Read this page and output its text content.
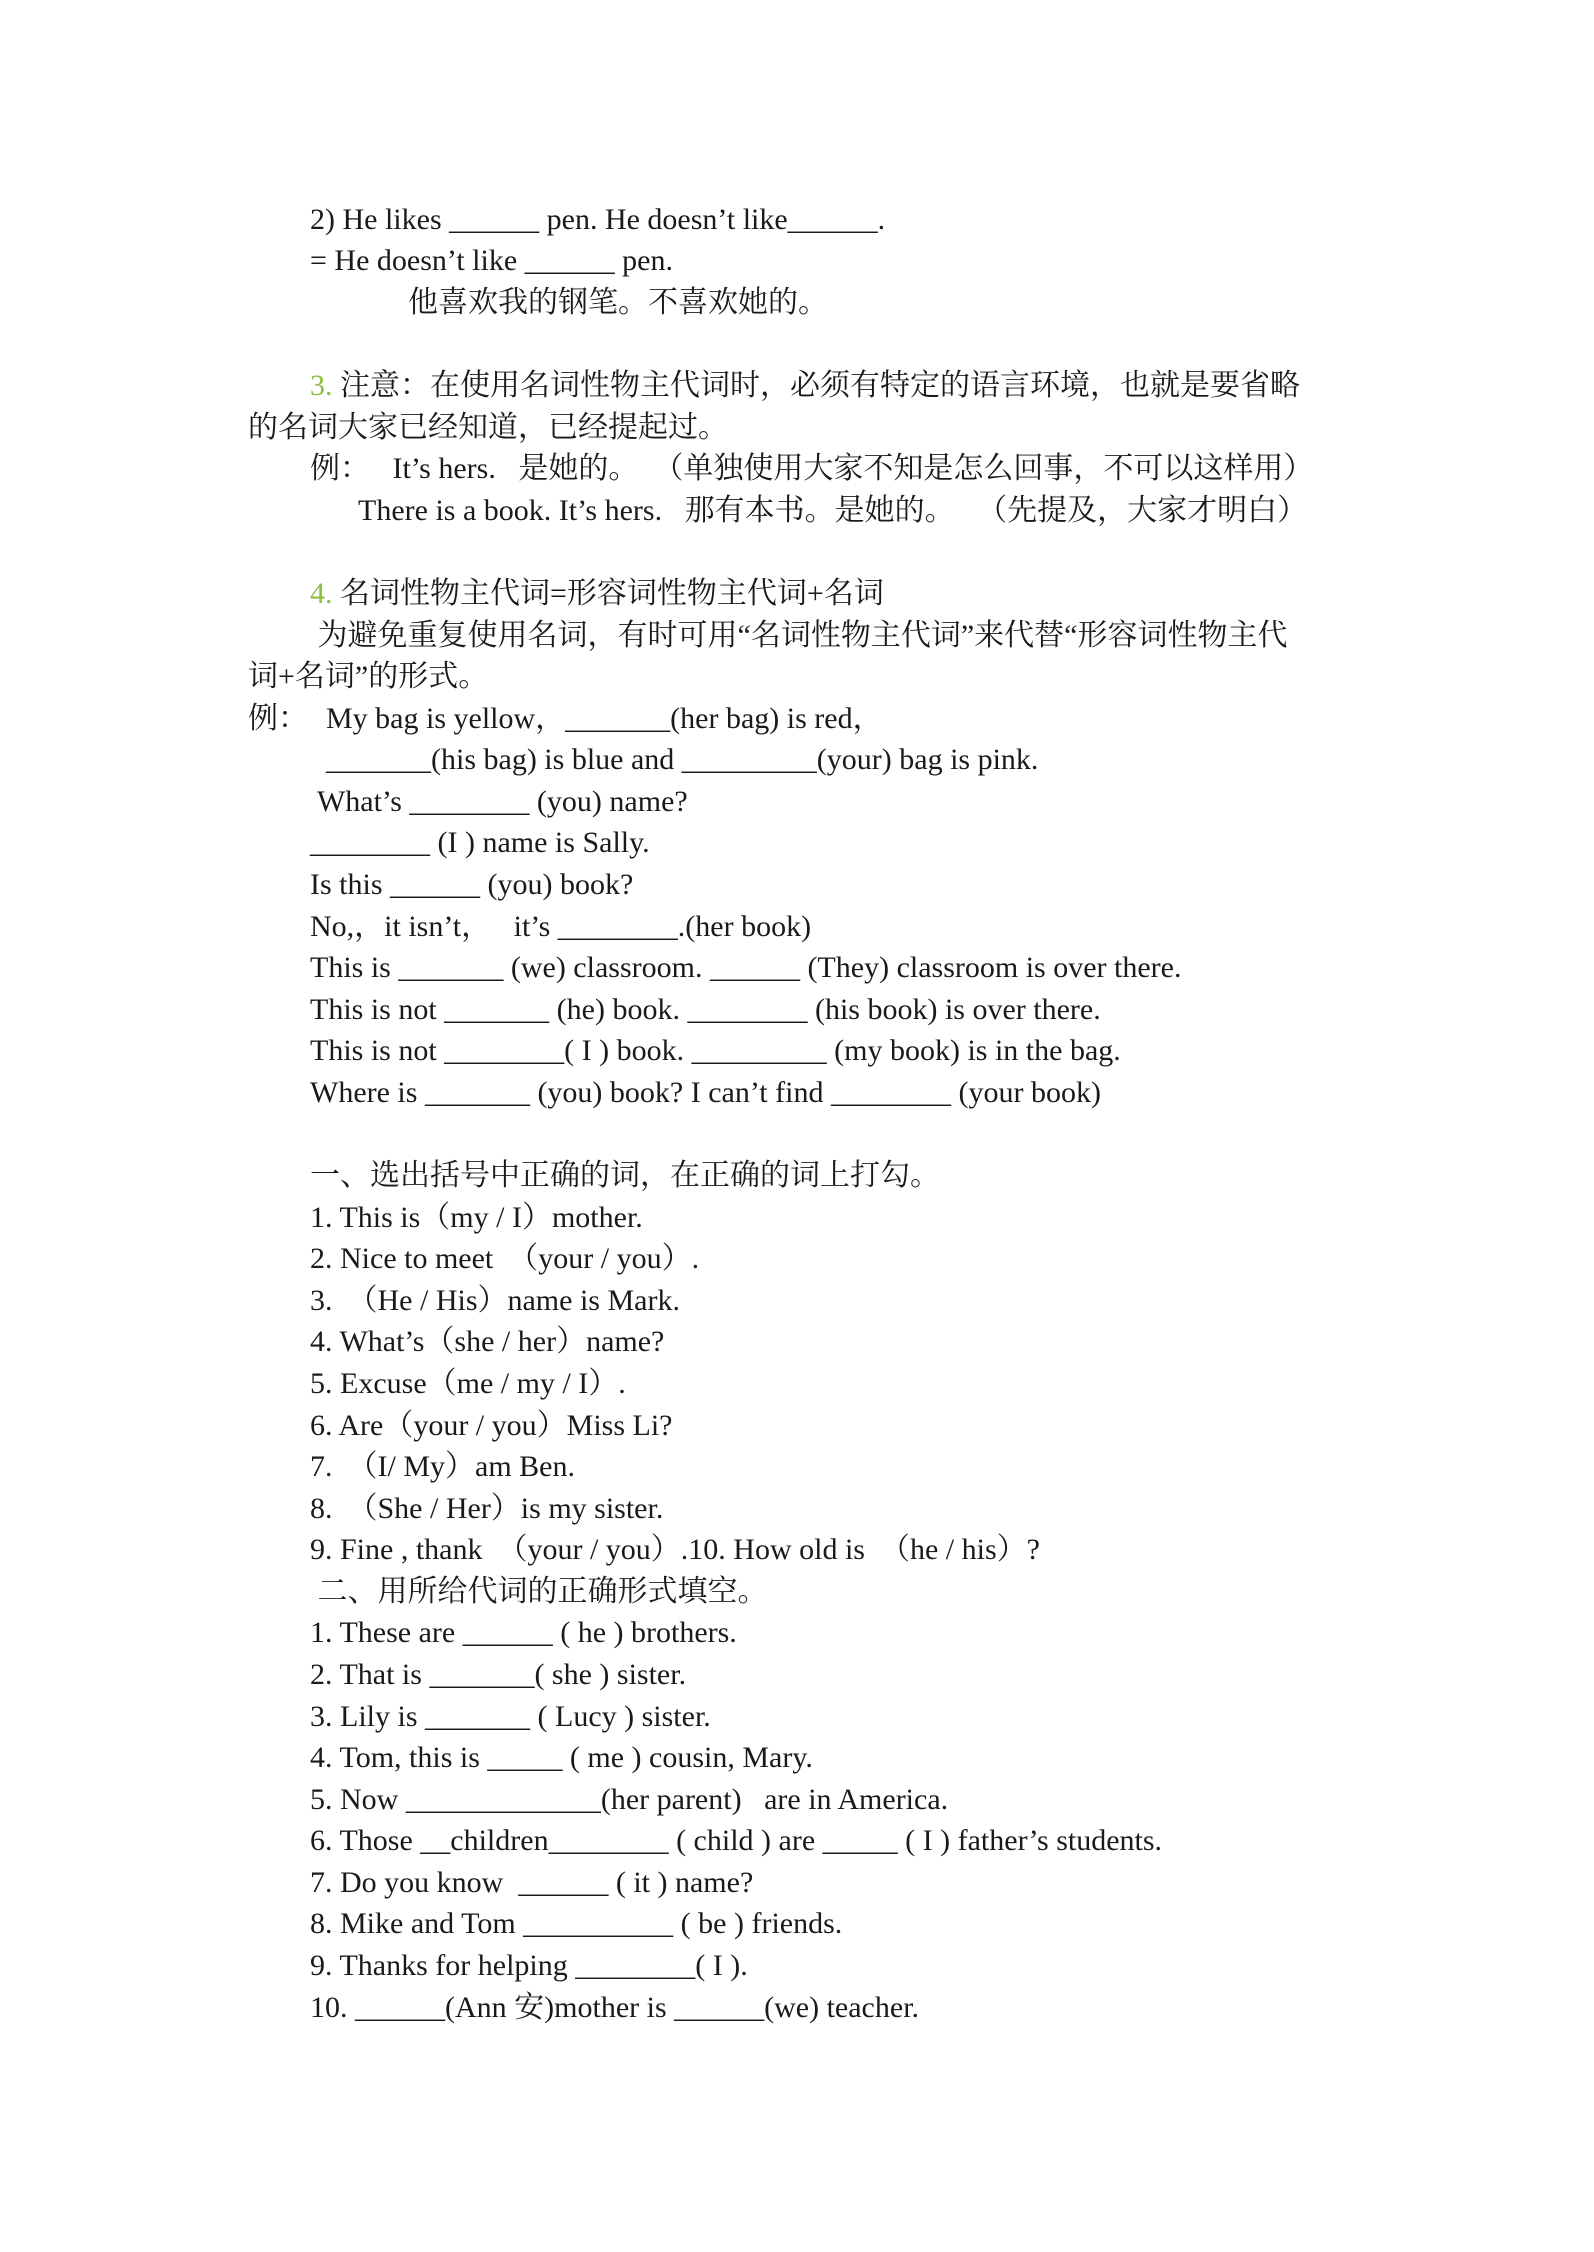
2) He likes ______ pen. He doesn’t like______.
= He doesn’t like ______ pen.
他喜欢我的钢笔。不喜欢她的。
3. 注意：在使用名词性物主代词时，必须有特定的语言环境，也就是要省略
的名词大家已经知道，已经提起过。
例：   It’s hers.   是她的。  （单独使用大家不知是怎么回事，不可以这样用）
There is a book. It’s hers.   那有本书。是她的。   （先提及，大家才明白）
4. 名词性物主代词=形容词性物主代词+名词
为避免重复使用名词，有时可用“名词性物主代词”来代替“形容词性物主代
词+名词”的形式。
例： My bag is yellow，_______(her bag) is red，
_______(his bag) is blue and _________(your) bag is pink.
What’s ________ (you) name?
________ (I ) name is Sally.
Is this ______ (you) book?
No,，it isn’t，   it’s ________.(her book)
This is _______ (we) classroom. ______ (They) classroom is over there.
This is not _______ (he) book. ________ (his book) is over there.
This is not ________( I ) book. _________ (my book) is in the bag.
Where is _______ (you) book? I can’t find ________ (your book)
一、选出括号中正确的词，在正确的词上打勾。
1. This is（my / I）mother.
2. Nice to meet  （your / you）.
3.  （He / His）name is Mark.
4. What’s（she / her）name?
5. Excuse（me / my / I）.
6. Are（your / you）Miss Li?
7.  （I/ My）am Ben.
8.  （She / Her）is my sister.
9. Fine , thank  （your / you）.10. How old is  （he / his）?
二、用所给代词的正确形式填空。
1. These are ______ ( he ) brothers.
2. That is _______( she ) sister.
3. Lily is _______ ( Lucy ) sister.
4. Tom, this is _____ ( me ) cousin, Mary.
5. Now _____________(her parent)   are in America.
6. Those __children________ ( child ) are _____ ( I ) father’s students.
7. Do you know  ______ ( it ) name?
8. Mike and Tom __________ ( be ) friends.
9. Thanks for helping ________( I ).
10. ______(Ann 安)mother is ______(we) teacher.
